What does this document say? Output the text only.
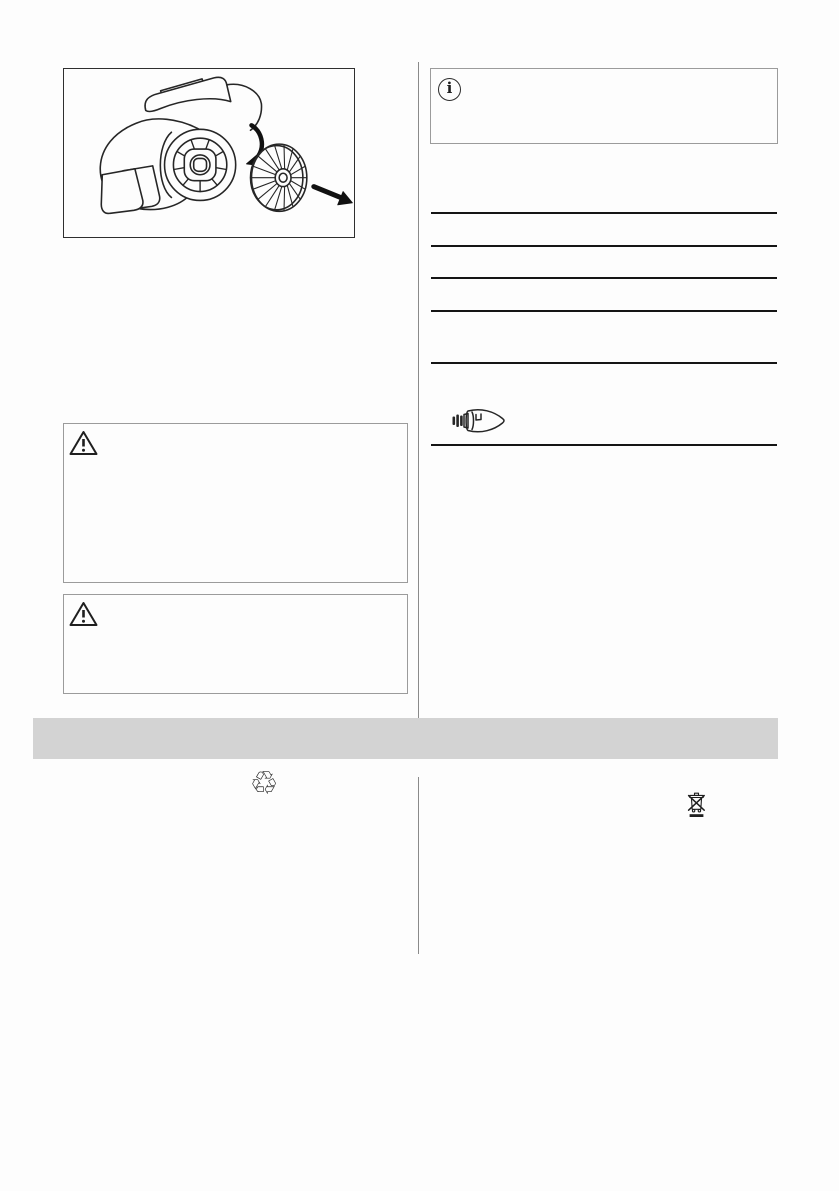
i
♲
